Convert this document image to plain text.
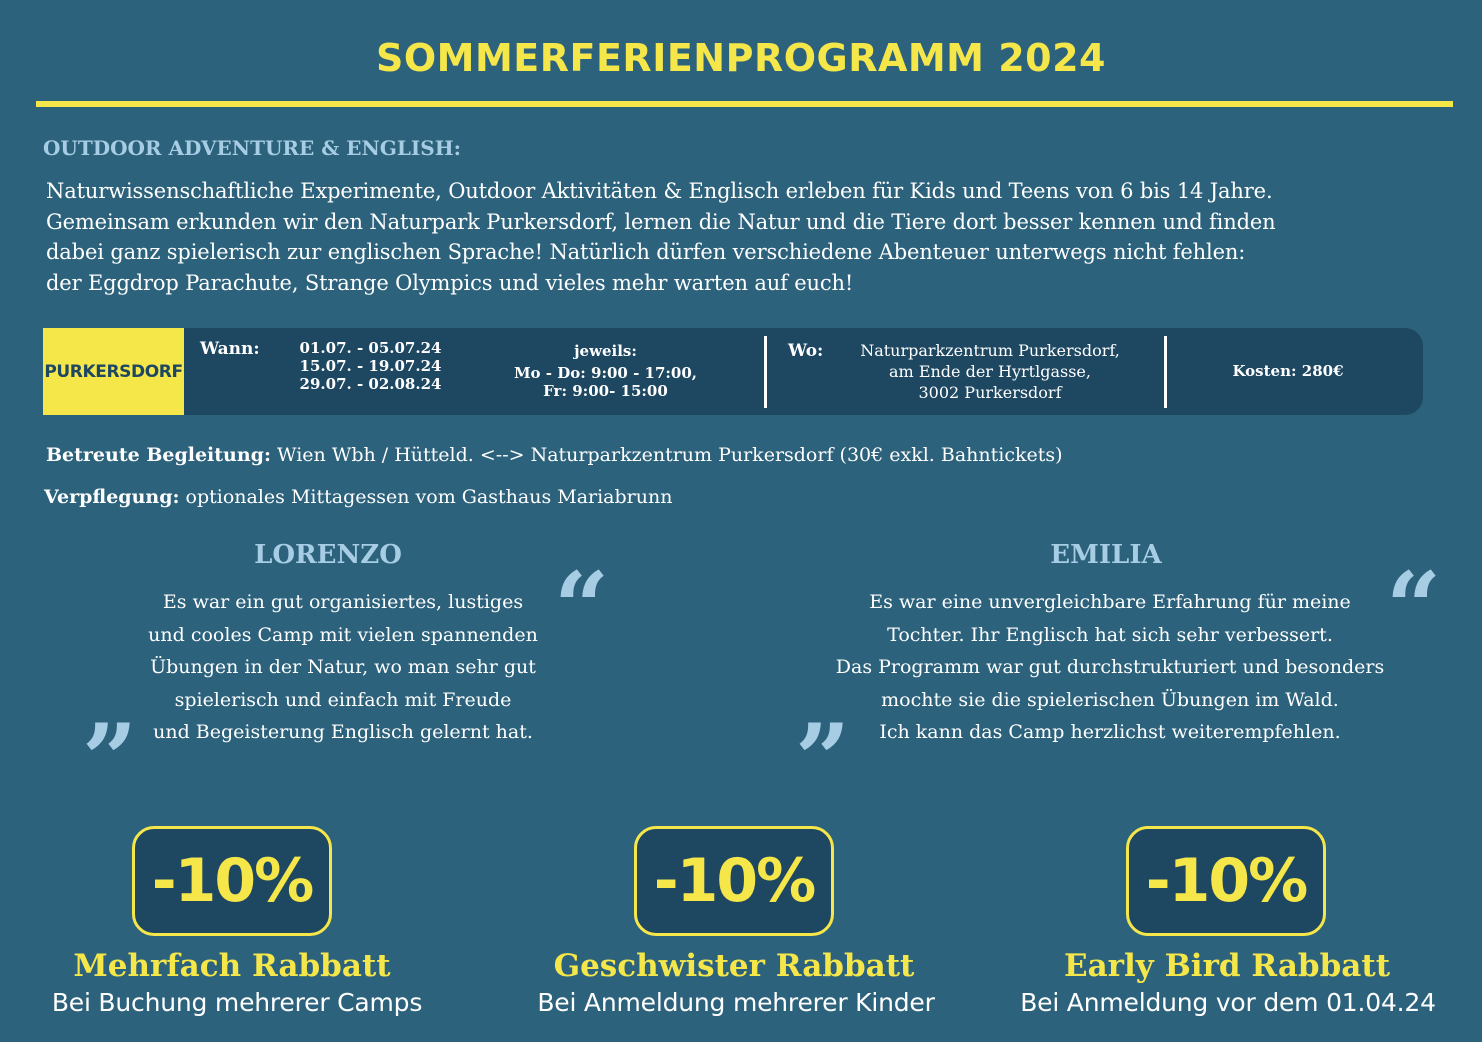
SOMMERFERIENPROGRAMM 2024
OUTDOOR ADVENTURE & ENGLISH:
Naturwissenschaftliche Experimente, Outdoor Aktivitäten & Englisch erleben für Kids und Teens von 6 bis 14 Jahre.
Gemeinsam erkunden wir den Naturpark Purkersdorf, lernen die Natur und die Tiere dort besser kennen und finden
dabei ganz spielerisch zur englischen Sprache! Natürlich dürfen verschiedene Abenteuer unterwegs nicht fehlen:
der Eggdrop Parachute, Strange Olympics und vieles mehr warten auf euch!
PURKERSDORF
Wann:	01.07. - 05.07.24
15.07. - 19.07.24
29.07. - 02.08.24
jeweils:
Mo - Do: 9:00 - 17:00,
Fr: 9:00- 15:00
Wo:	Naturparkzentrum Purkersdorf,
am Ende der Hyrtlgasse,
3002 Purkersdorf
Kosten: 280€
Betreute Begleitung: Wien Wbh / Hütteld. <--> Naturparkzentrum Purkersdorf (30€ exkl. Bahntickets)
Verpflegung: optionales Mittagessen vom Gasthaus Mariabrunn
LORENZO	“
Es war ein gut organisiertes, lustiges
und cooles Camp mit vielen spannenden
Übungen in der Natur, wo man sehr gut
spielerisch und einfach mit Freude
und Begeisterung Englisch gelernt hat.
”
EMILIA	“
Es war eine unvergleichbare Erfahrung für meine
Tochter. Ihr Englisch hat sich sehr verbessert.
Das Programm war gut durchstrukturiert und besonders
mochte sie die spielerischen Übungen im Wald.
Ich kann das Camp herzlichst weiterempfehlen.
”
-10%
Mehrfach Rabbatt
Bei Buchung mehrerer Camps
-10%
Geschwister Rabbatt
Bei Anmeldung mehrerer Kinder
-10%
Early Bird Rabbatt
Bei Anmeldung vor dem 01.04.24
